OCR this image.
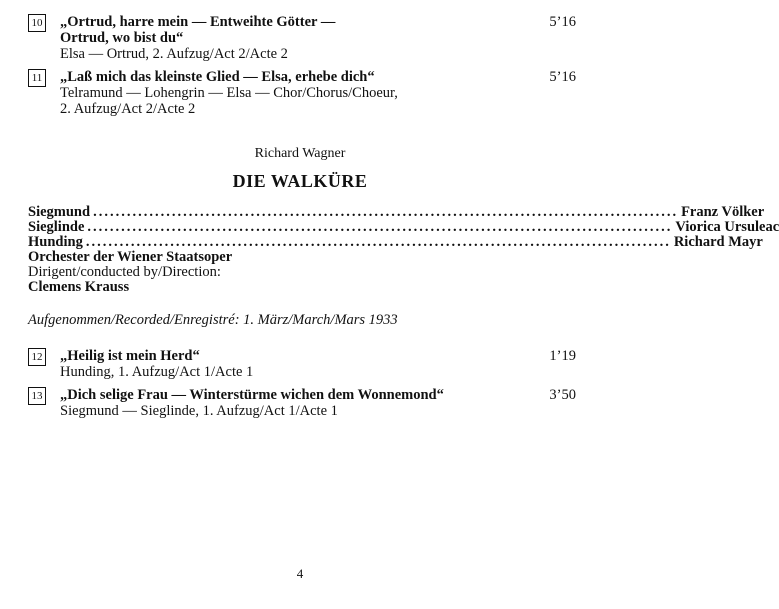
10 „Ortrud, harre mein — Entweihte Götter —
Ortrud, wo bist du“
Elsa — Ortrud, 2. Aufzug/Act 2/Acte 2
5’16
11 „Laß mich das kleinste Glied — Elsa, erhebe dich“
Telramund — Lohengrin — Elsa — Chor/Chorus/Choeur,
2. Aufzug/Act 2/Acte 2
5’16
Richard Wagner
DIE WALKÜRE
Siegmund ........................................................................................................ Franz Völker
Sieglinde ........................................................................................................ Viorica Ursuleac
Hunding ........................................................................................................ Richard Mayr
Orchester der Wiener Staatsoper
Dirigent/conducted by/Direction:
Clemens Krauss
Aufgenommen/Recorded/Enregistré: 1. März/March/Mars 1933
12 „Heilig ist mein Herd“
Hunding, 1. Aufzug/Act 1/Acte 1
1’19
13 „Dich selige Frau — Winterstürme wichen dem Wonnemond“
Siegmund — Sieglinde, 1. Aufzug/Act 1/Acte 1
3’50
4
